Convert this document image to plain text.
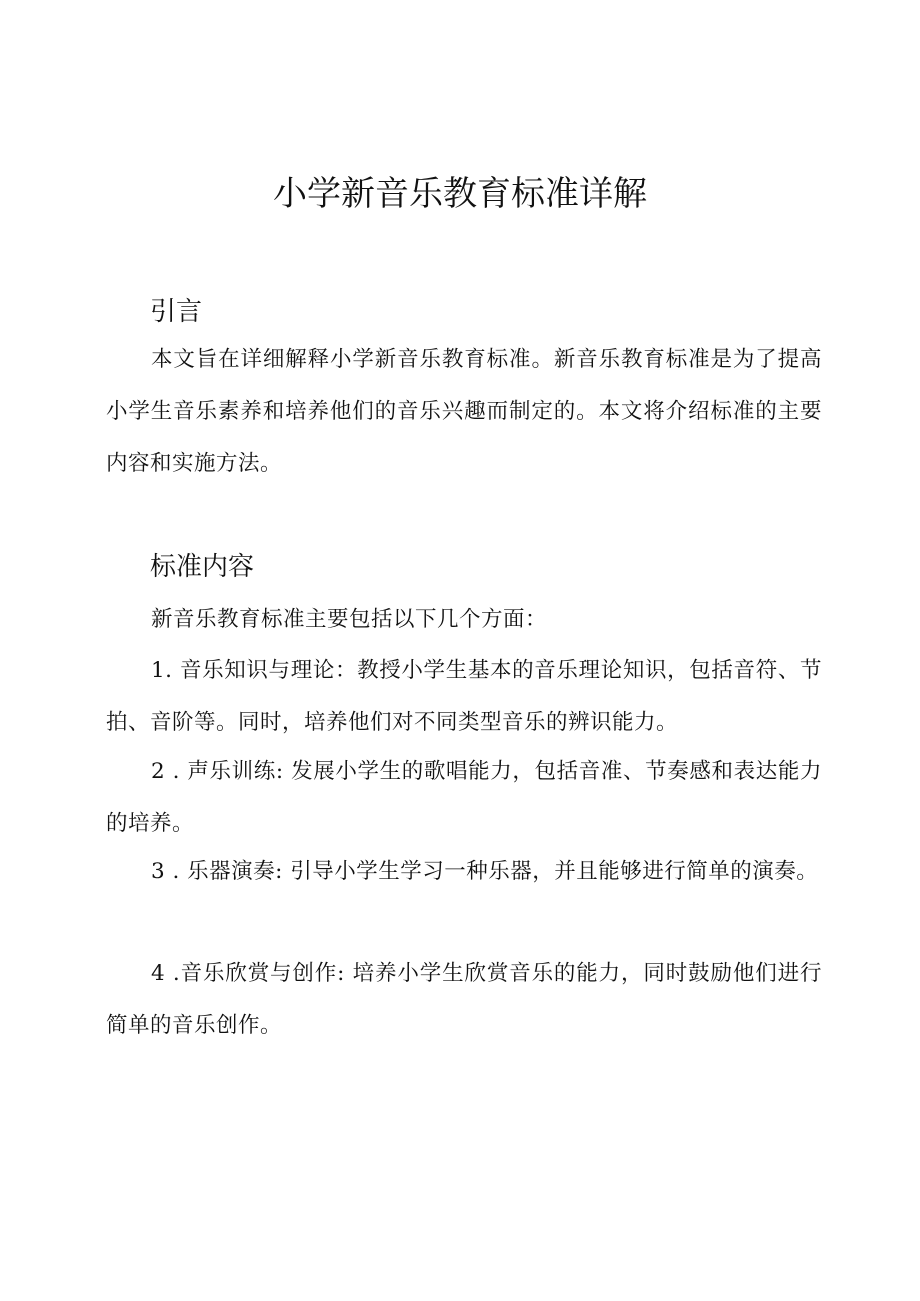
小学新音乐教育标准详解
引言
本文旨在详细解释小学新音乐教育标准。新音乐教育标准是为了提高小学生音乐素养和培养他们的音乐兴趣而制定的。本文将介绍标准的主要内容和实施方法。
标准内容
新音乐教育标准主要包括以下几个方面：
1. 音乐知识与理论：教授小学生基本的音乐理论知识，包括音符、节拍、音阶等。同时，培养他们对不同类型音乐的辨识能力。
2 . 声乐训练: 发展小学生的歌唱能力，包括音准、节奏感和表达能力的培养。
3 . 乐器演奏: 引导小学生学习一种乐器，并且能够进行简单的演奏。
4 .音乐欣赏与创作: 培养小学生欣赏音乐的能力，同时鼓励他们进行简单的音乐创作。
